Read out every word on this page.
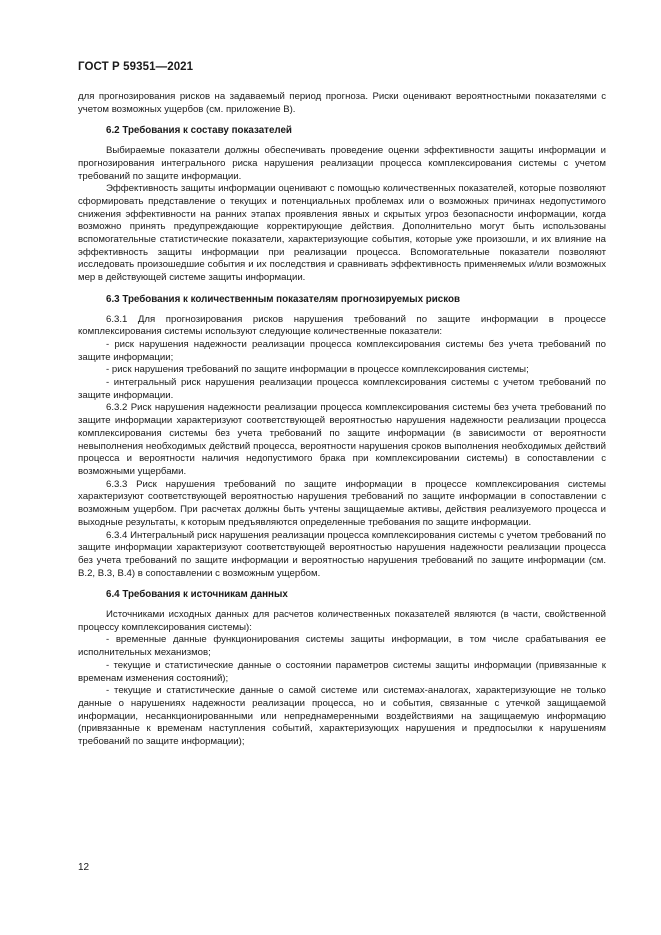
ГОСТ Р 59351—2021

для прогнозирования рисков на задаваемый период прогноза. Риски оценивают вероятностными показателями с учетом возможных ущербов (см. приложение В).

6.2 Требования к составу показателей

Выбираемые показатели должны обеспечивать проведение оценки эффективности защиты информации и прогнозирования интегрального риска нарушения реализации процесса комплексирования системы с учетом требований по защите информации.

Эффективность защиты информации оценивают с помощью количественных показателей, которые позволяют сформировать представление о текущих и потенциальных проблемах или о возможных причинах недопустимого снижения эффективности на ранних этапах проявления явных и скрытых угроз безопасности информации, когда возможно принять предупреждающие корректирующие действия. Дополнительно могут быть использованы вспомогательные статистические показатели, характеризующие события, которые уже произошли, и их влияние на эффективность защиты информации при реализации процесса. Вспомогательные показатели позволяют исследовать произошедшие события и их последствия и сравнивать эффективность применяемых и/или возможных мер в действующей системе защиты информации.

6.3 Требования к количественным показателям прогнозируемых рисков

6.3.1 Для прогнозирования рисков нарушения требований по защите информации в процессе комплексирования системы используют следующие количественные показатели:

- риск нарушения надежности реализации процесса комплексирования системы без учета требований по защите информации;

- риск нарушения требований по защите информации в процессе комплексирования системы;

- интегральный риск нарушения реализации процесса комплексирования системы с учетом требований по защите информации.

6.3.2 Риск нарушения надежности реализации процесса комплексирования системы без учета требований по защите информации характеризуют соответствующей вероятностью нарушения надежности реализации процесса комплексирования системы без учета требований по защите информации (в зависимости от вероятности невыполнения необходимых действий процесса, вероятности нарушения сроков выполнения необходимых действий процесса и вероятности наличия недопустимого брака при комплексировании системы) в сопоставлении с возможными ущербами.

6.3.3 Риск нарушения требований по защите информации в процессе комплексирования системы характеризуют соответствующей вероятностью нарушения требований по защите информации в сопоставлении с возможным ущербом. При расчетах должны быть учтены защищаемые активы, действия реализуемого процесса и выходные результаты, к которым предъявляются определенные требования по защите информации.

6.3.4 Интегральный риск нарушения реализации процесса комплексирования системы с учетом требований по защите информации характеризуют соответствующей вероятностью нарушения надежности реализации процесса без учета требований по защите информации и вероятностью нарушения требований по защите информации (см. В.2, В.3, В.4) в сопоставлении с возможным ущербом.

6.4 Требования к источникам данных

Источниками исходных данных для расчетов количественных показателей являются (в части, свойственной процессу комплексирования системы):

- временные данные функционирования системы защиты информации, в том числе срабатывания ее исполнительных механизмов;

- текущие и статистические данные о состоянии параметров системы защиты информации (привязанные к временам изменения состояний);

- текущие и статистические данные о самой системе или системах-аналогах, характеризующие не только данные о нарушениях надежности реализации процесса, но и события, связанные с утечкой защищаемой информации, несанкционированными или непреднамеренными воздействиями на защищаемую информацию (привязанные к временам наступления событий, характеризующих нарушения и предпосылки к нарушениям требований по защите информации);

12
